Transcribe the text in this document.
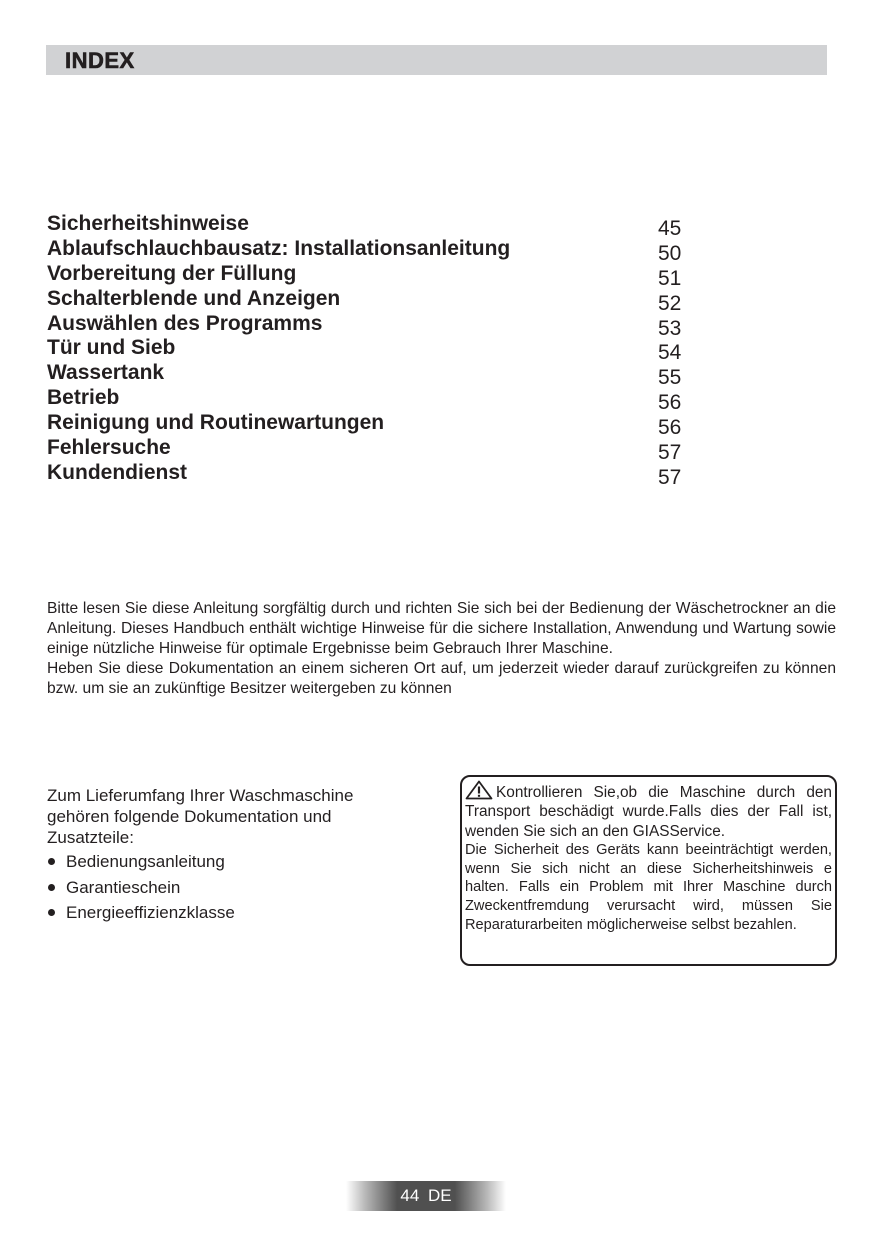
INDEX
Sicherheitshinweise	45
Ablaufschlauchbausatz: Installationsanleitung	50
Vorbereitung der Füllung	51
Schalterblende und Anzeigen	52
Auswählen des Programms	53
Tür und Sieb	54
Wassertank	55
Betrieb	56
Reinigung und Routinewartungen	56
Fehlersuche	57
Kundendienst	57

Bitte lesen Sie diese Anleitung sorgfältig durch und richten Sie sich bei der Bedienung der Wäschetrockner an die Anleitung. Dieses Handbuch enthält wichtige Hinweise für die sichere Installation, Anwendung und Wartung sowie einige nützliche Hinweise für optimale Ergebnisse beim Gebrauch Ihrer Maschine.

Heben Sie diese Dokumentation an einem sicheren Ort auf, um jederzeit wieder darauf zurückgreifen zu können bzw. um sie an zukünftige Besitzer weitergeben zu können

Zum Lieferumfang Ihrer Waschmaschine gehören folgende Dokumentation und Zusatzteile:

Bedienungsanleitung
Garantieschein
Energieeffizienzklasse

Kontrollieren Sie,ob die Maschine durch den Transport beschädigt wurde.Falls dies der Fall ist, wenden Sie sich an den GIASService.

Die Sicherheit des Geräts kann beeinträchtigt werden, wenn Sie sich nicht an diese Sicherheitshinweis e halten. Falls ein Problem mit Ihrer Maschine durch Zweckentfremdung verursacht wird, müssen Sie Reparaturarbeiten möglicherweise selbst bezahlen.

44 DE
